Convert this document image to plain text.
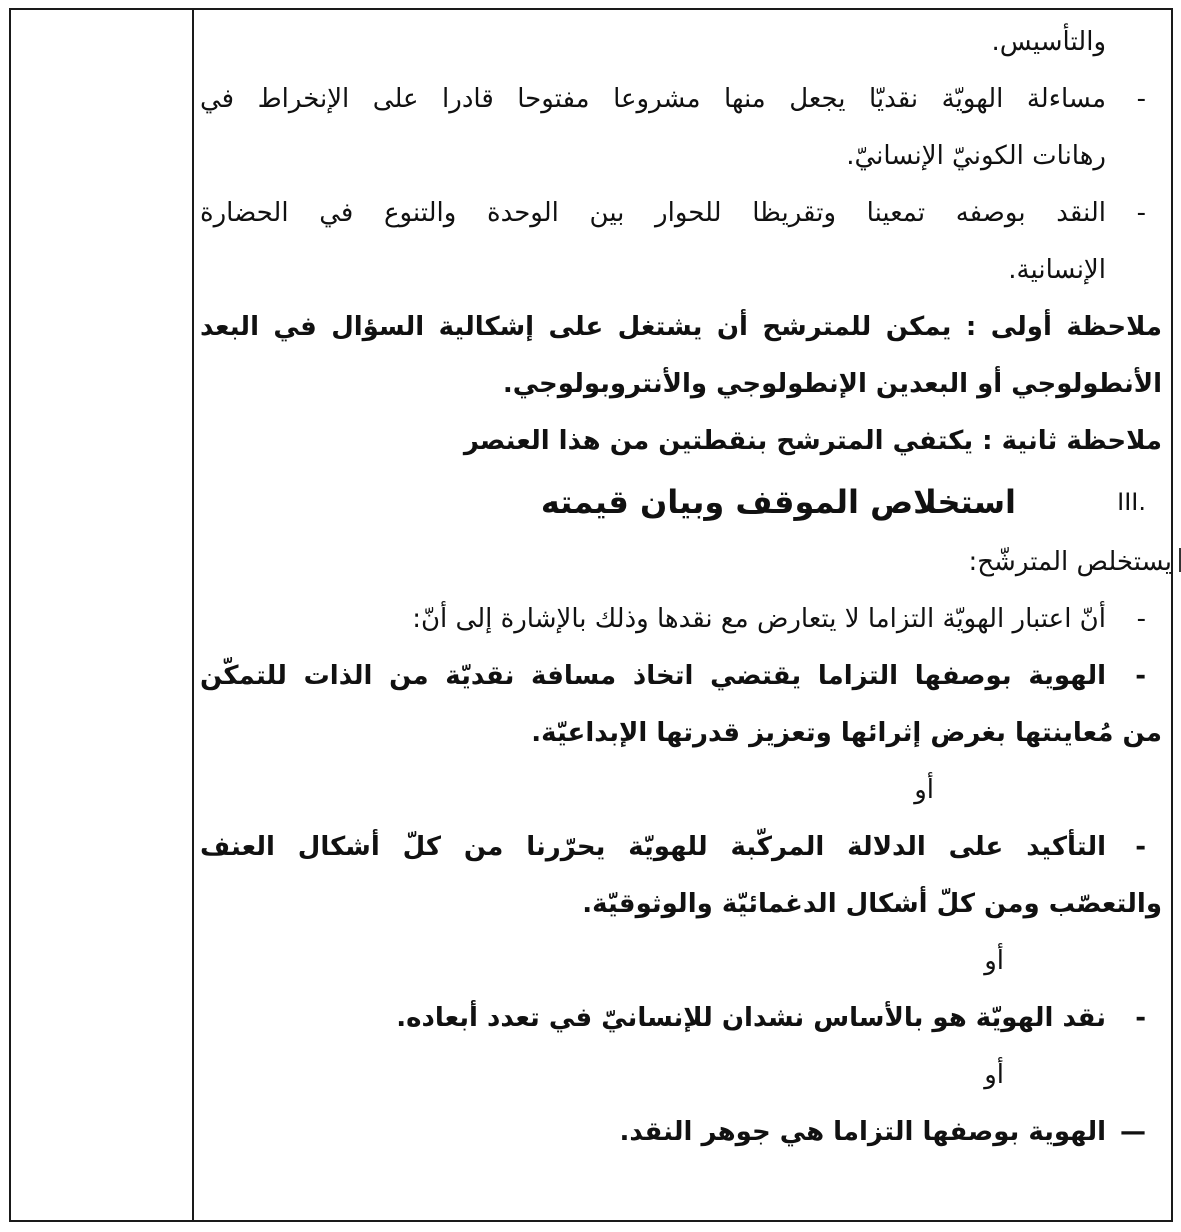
والتأسيس.
-
مساءلة الهويّة نقديّا يجعل منها مشروعا مفتوحا قادرا على الإنخراط في
رهانات الكونيّ الإنسانيّ.
-
النقد بوصفه تمعينا وتقريظا للحوار بين الوحدة والتنوع في الحضارة
الإنسانية.
ملاحظة أولى : يمكن للمترشح أن يشتغل على إشكالية السؤال في البعد
الأنطولوجي أو البعدين الإنطولوجي والأنتروبولوجي.
ملاحظة ثانية : يكتفي المترشح بنقطتين من هذا العنصر
III.
استخلاص الموقف وبيان قيمته
يستخلص المترشّح:
-
أنّ اعتبار الهويّة التزاما لا يتعارض مع نقدها وذلك بالإشارة إلى أنّ:
-
الهوية بوصفها التزاما يقتضي اتخاذ مسافة نقديّة من الذات للتمكّن
من مُعاينتها بغرض إثرائها وتعزيز قدرتها الإبداعيّة.
أو
-
التأكيد على الدلالة المركّبة للهويّة يحرّرنا من كلّ أشكال العنف
والتعصّب ومن كلّ أشكال الدغمائيّة والوثوقيّة.
أو
-
نقد الهويّة هو بالأساس نشدان للإنسانيّ في تعدد أبعاده.
أو
—
الهوية بوصفها التزاما هي جوهر النقد.
